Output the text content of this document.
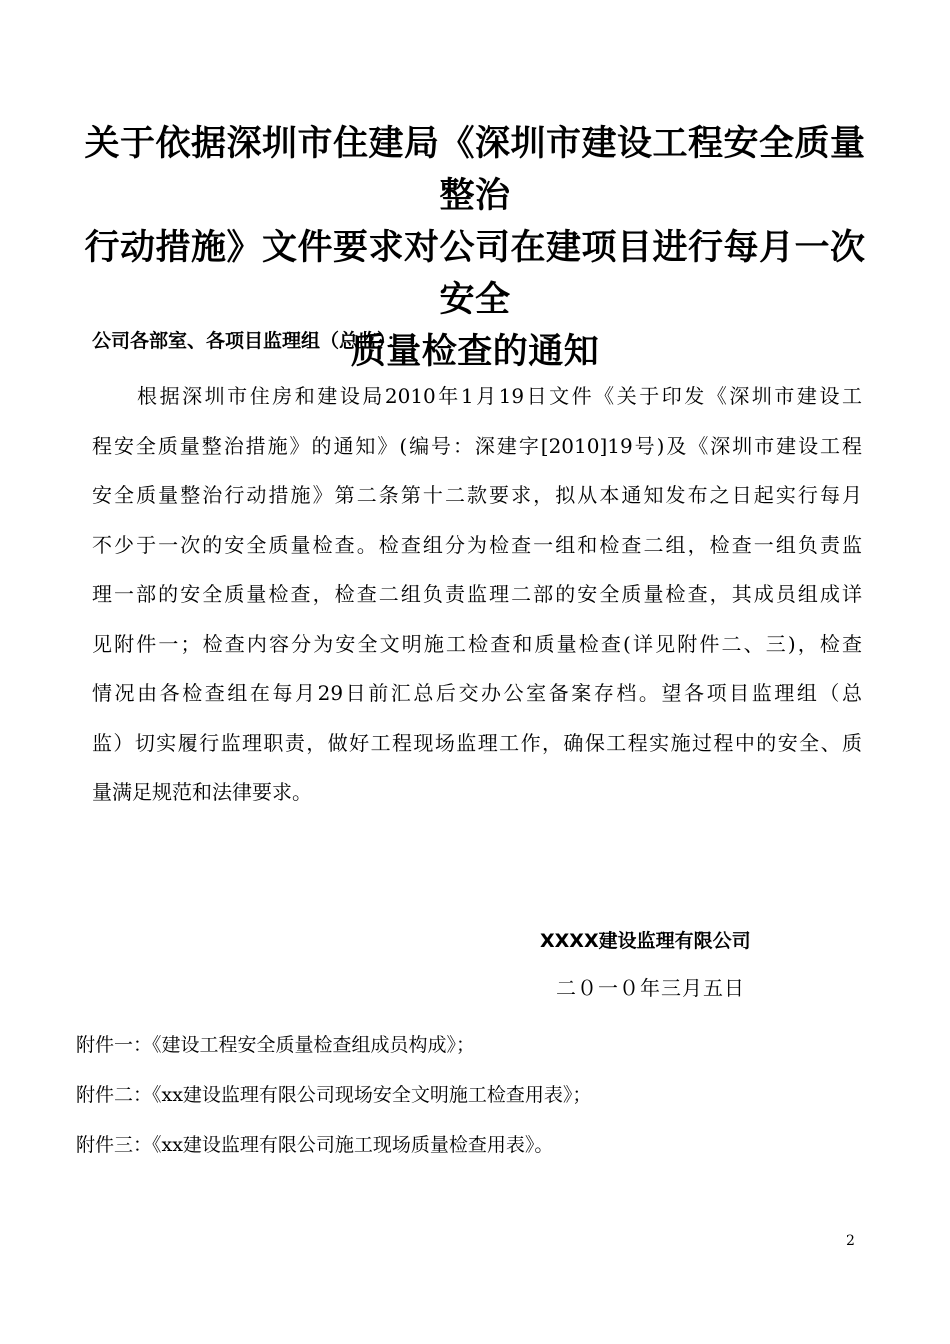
关于依据深圳市住建局《深圳市建设工程安全质量整治
行动措施》文件要求对公司在建项目进行每月一次安全
质量检查的通知
公司各部室、各项目监理组（总监）：
　　根据深圳市住房和建设局2010年1月19日文件《关于印发《深圳市建设工
程安全质量整治措施》的通知》(编号：深建字[2010]19号)及《深圳市建设工程
安全质量整治行动措施》第二条第十二款要求，拟从本通知发布之日起实行每月
不少于一次的安全质量检查。检查组分为检查一组和检查二组，检查一组负责监
理一部的安全质量检查，检查二组负责监理二部的安全质量检查，其成员组成详
见附件一；检查内容分为安全文明施工检查和质量检查(详见附件二、三)，检查
情况由各检查组在每月29日前汇总后交办公室备案存档。望各项目监理组（总
监）切实履行监理职责，做好工程现场监理工作，确保工程实施过程中的安全、质
量满足规范和法律要求。
XXXX建设监理有限公司
二０一０年三月五日
附件一：《建设工程安全质量检查组成员构成》；
附件二：《xx建设监理有限公司现场安全文明施工检查用表》；
附件三：《xx建设监理有限公司施工现场质量检查用表》。
2
